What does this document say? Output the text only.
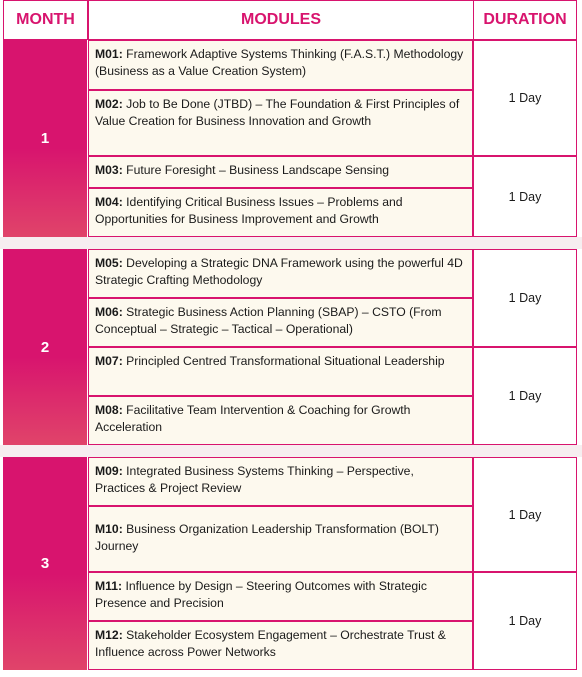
MONTH	MODULES	DURATION
1
M01: Framework Adaptive Systems Thinking (F.A.S.T.) Methodology (Business as a Value Creation System)
M02: Job to Be Done (JTBD) – The Foundation & First Principles of Value Creation for Business Innovation and Growth
M03: Future Foresight – Business Landscape Sensing
M04: Identifying Critical Business Issues – Problems and Opportunities for Business Improvement and Growth
1 Day
1 Day
2
M05: Developing a Strategic DNA Framework using the powerful 4D Strategic Crafting Methodology
M06: Strategic Business Action Planning (SBAP) – CSTO (From Conceptual – Strategic – Tactical – Operational)
M07: Principled Centred Transformational Situational Leadership
M08: Facilitative Team Intervention & Coaching for Growth Acceleration
1 Day
1 Day
3
M09: Integrated Business Systems Thinking – Perspective, Practices & Project Review
M10: Business Organization Leadership Transformation (BOLT) Journey
M11: Influence by Design – Steering Outcomes with Strategic Presence and Precision
M12: Stakeholder Ecosystem Engagement – Orchestrate Trust & Influence across Power Networks
1 Day
1 Day
